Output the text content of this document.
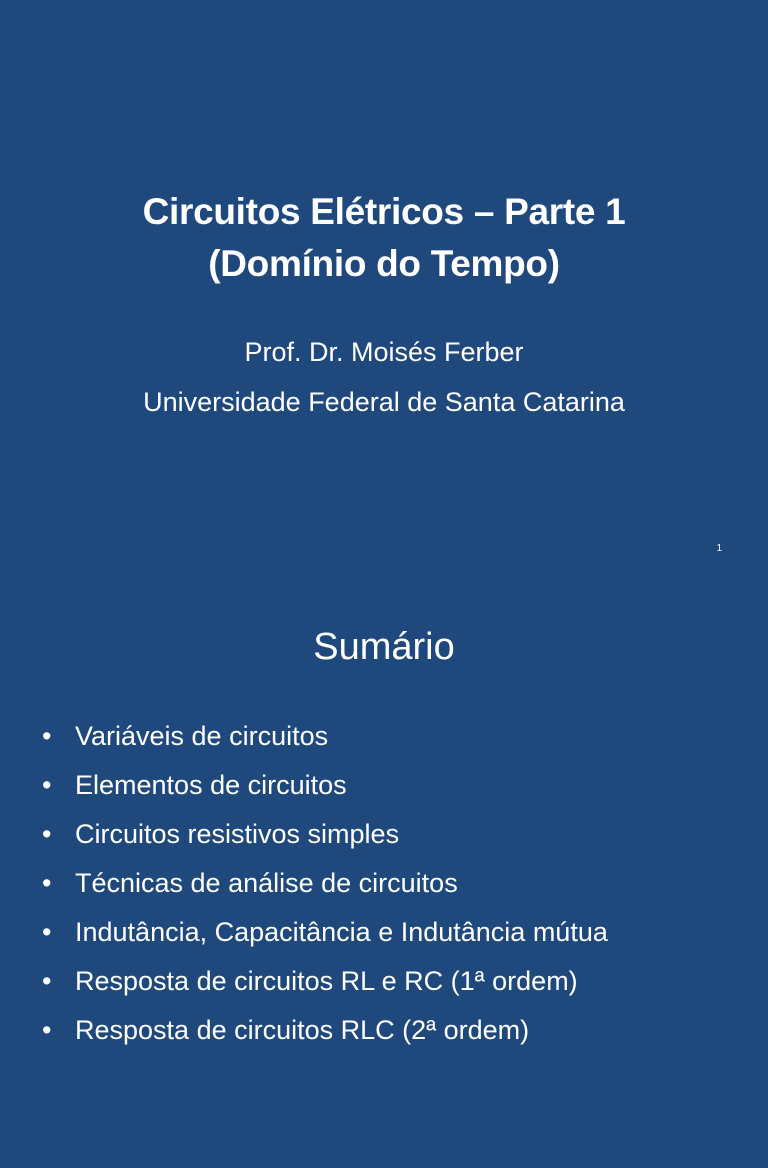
Circuitos Elétricos – Parte 1
(Domínio do Tempo)
Prof. Dr. Moisés Ferber
Universidade Federal de Santa Catarina
1
Sumário
• Variáveis de circuitos
• Elementos de circuitos
• Circuitos resistivos simples
• Técnicas de análise de circuitos
• Indutância, Capacitância e Indutância mútua
• Resposta de circuitos RL e RC (1ª ordem)
• Resposta de circuitos RLC (2ª ordem)
